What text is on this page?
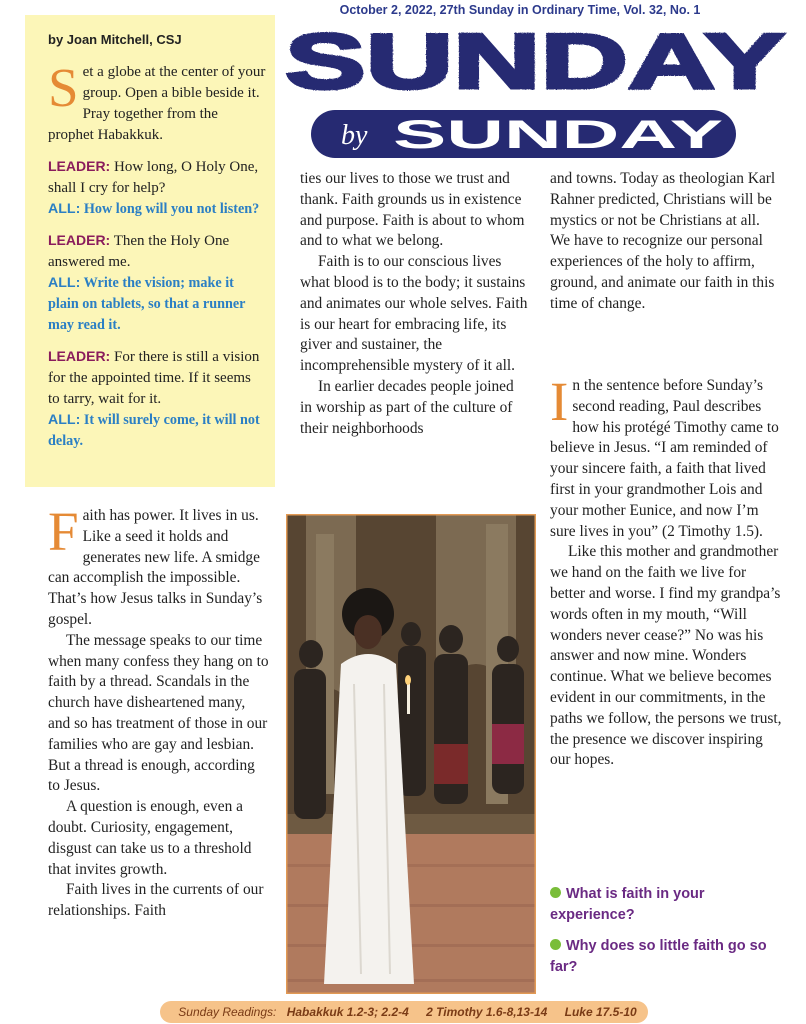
October 2, 2022, 27th Sunday in Ordinary Time, Vol. 32, No. 1
SUNDAY
by SUNDAY
by Joan Mitchell, CSJ

Set a globe at the center of your group. Open a bible beside it. Pray together from the prophet Habakkuk.

LEADER: How long, O Holy One, shall I cry for help?
ALL: How long will you not listen?

LEADER: Then the Holy One answered me.
ALL: Write the vision; make it plain on tablets, so that a runner may read it.

LEADER: For there is still a vision for the appointed time. If it seems to tarry, wait for it.
ALL: It will surely come, it will not delay.

Faith has power. It lives in us. Like a seed it holds and generates new life. A smidge can accomplish the impossible. That’s how Jesus talks in Sunday’s gospel.

The message speaks to our time when many confess they hang on to faith by a thread. Scandals in the church have disheartened many, and so has treatment of those in our families who are gay and lesbian. But a thread is enough, according to Jesus.

A question is enough, even a doubt. Curiosity, engagement, disgust can take us to a threshold that invites growth.

Faith lives in the currents of our relationships. Faith

ties our lives to those we trust and thank. Faith grounds us in existence and purpose. Faith is about to whom and to what we belong.

Faith is to our conscious lives what blood is to the body; it sustains and animates our whole selves. Faith is our heart for embracing life, its giver and sustainer, the incomprehensible mystery of it all.

In earlier decades people joined in worship as part of the culture of their neighborhoods

and towns. Today as theologian Karl Rahner predicted, Christians will be mystics or not be Christians at all. We have to recognize our personal experiences of the holy to affirm, ground, and animate our faith in this time of change.

In the sentence before Sunday’s second reading, Paul describes how his protégé Timothy came to believe in Jesus. “I am reminded of your sincere faith, a faith that lived first in your grandmother Lois and your mother Eunice, and now I’m sure lives in you” (2 Timothy 1.5).

Like this mother and grandmother we hand on the faith we live for better and worse. I find my grandpa’s words often in my mouth, “Will wonders never cease?” No was his answer and now mine. Wonders continue. What we believe becomes evident in our commitments, in the paths we follow, the persons we trust, the presence we discover inspiring our hopes.

What is faith in your experience?
Why does so little faith go so far?
Sunday Readings: Habakkuk 1.2-3; 2.2-4 2 Timothy 1.6-8,13-14 Luke 17.5-10
